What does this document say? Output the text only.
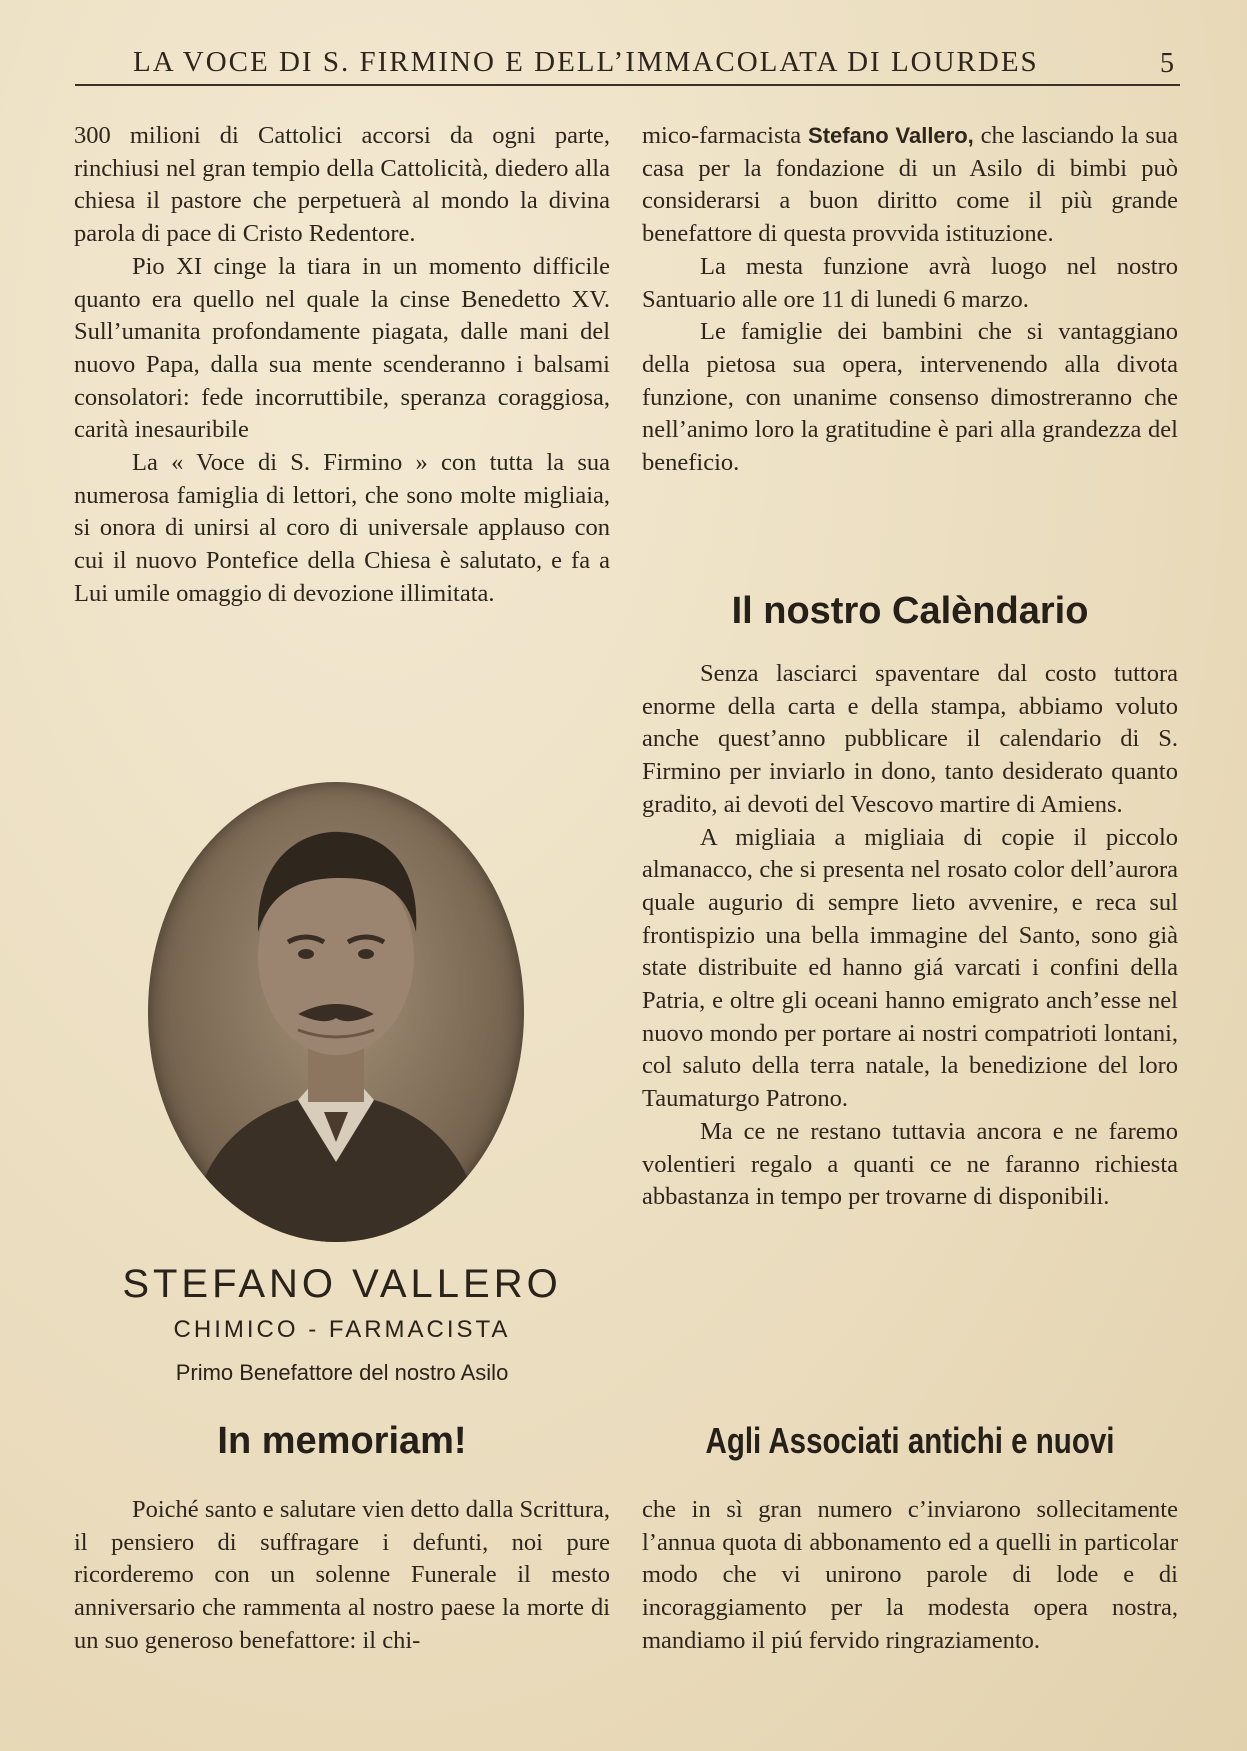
LA VOCE DI S. FIRMINO E DELL’IMMACOLATA DI LOURDES	5

300 milioni di Cattolici accorsi da ogni parte, rinchiusi nel gran tempio della Cattolicità, diedero alla chiesa il pastore che perpetuerà al mondo la divina parola di pace di Cristo Redentore.

Pio XI cinge la tiara in un momento difficile quanto era quello nel quale la cinse Benedetto XV. Sull’umanita profondamente piagata, dalle mani del nuovo Papa, dalla sua mente scenderanno i balsami consolatori: fede incorruttibile, speranza coraggiosa, carità inesauribile

La « Voce di S. Firmino » con tutta la sua numerosa famiglia di lettori, che sono molte migliaia, si onora di unirsi al coro di universale applauso con cui il nuovo Pontefice della Chiesa è salutato, e fa a Lui umile omaggio di devozione illimitata.

STEFANO VALLERO
CHIMICO - FARMACISTA
Primo Benefattore del nostro Asilo
In memoriam!

Poiché santo e salutare vien detto dalla Scrittura, il pensiero di suffragare i defunti, noi pure ricorderemo con un solenne Funerale il mesto anniversario che rammenta al nostro paese la morte di un suo generoso benefattore: il chi-

mico-farmacista Stefano Vallero, che lasciando la sua casa per la fondazione di un Asilo di bimbi può considerarsi a buon diritto come il più grande benefattore di questa provvida istituzione.

La mesta funzione avrà luogo nel nostro Santuario alle ore 11 di lunedi 6 marzo.

Le famiglie dei bambini che si vantaggiano della pietosa sua opera, intervenendo alla divota funzione, con unanime consenso dimostreranno che nell’animo loro la gratitudine è pari alla grandezza del beneficio.

Il nostro Calèndario

Senza lasciarci spaventare dal costo tuttora enorme della carta e della stampa, abbiamo voluto anche quest’anno pubblicare il calendario di S. Firmino per inviarlo in dono, tanto desiderato quanto gradito, ai devoti del Vescovo martire di Amiens.

A migliaia a migliaia di copie il piccolo almanacco, che si presenta nel rosato color dell’aurora quale augurio di sempre lieto avvenire, e reca sul frontispizio una bella immagine del Santo, sono già state distribuite ed hanno giá varcati i confini della Patria, e oltre gli oceani hanno emigrato anch’esse nel nuovo mondo per portare ai nostri compatrioti lontani, col saluto della terra natale, la benedizione del loro Taumaturgo Patrono.

Ma ce ne restano tuttavia ancora e ne faremo volentieri regalo a quanti ce ne faranno richiesta abbastanza in tempo per trovarne di disponibili.

Agli Associati antichi e nuovi

che in sì gran numero c’inviarono sollecitamente l’annua quota di abbonamento ed a quelli in particolar modo che vi unirono parole di lode e di incoraggiamento per la modesta opera nostra, mandiamo il piú fervido ringraziamento.
